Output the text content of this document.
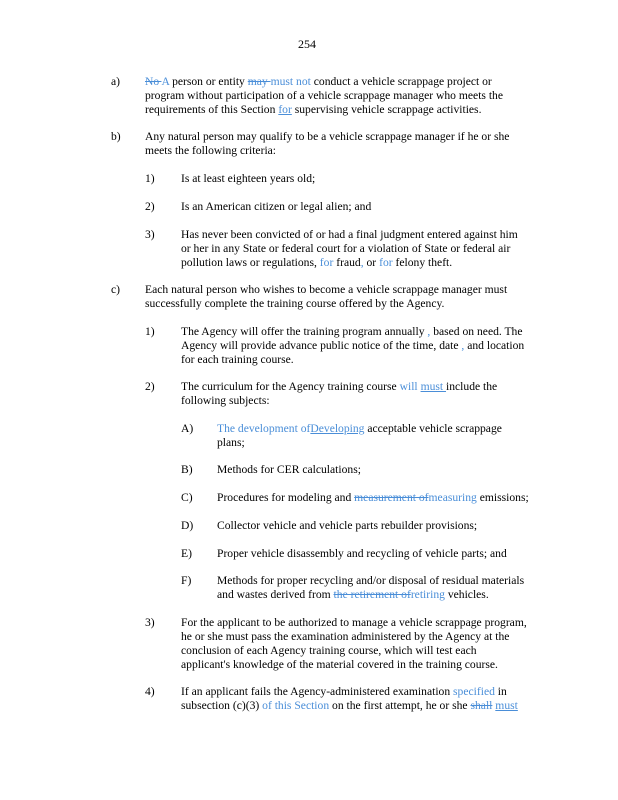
254
a) No A person or entity may must not conduct a vehicle scrappage project or
program without participation of a vehicle scrappage manager who meets the
requirements of this Section for supervising vehicle scrappage activities.
b) Any natural person may qualify to be a vehicle scrappage manager if he or she
meets the following criteria:
1) Is at least eighteen years old;
2) Is an American citizen or legal alien; and
3) Has never been convicted of or had a final judgment entered against him
or her in any State or federal court for a violation of State or federal air
pollution laws or regulations, for fraud, or for felony theft.
c) Each natural person who wishes to become a vehicle scrappage manager must
successfully complete the training course offered by the Agency.
1) The Agency will offer the training program annually , based on need. The
Agency will provide advance public notice of the time, date , and location
for each training course.
2) The curriculum for the Agency training course will must include the
following subjects:
A) The development ofDeveloping acceptable vehicle scrappage
plans;
B) Methods for CER calculations;
C) Procedures for modeling and measurement ofmeasuring emissions;
D) Collector vehicle and vehicle parts rebuilder provisions;
E) Proper vehicle disassembly and recycling of vehicle parts; and
F) Methods for proper recycling and/or disposal of residual materials
and wastes derived from the retirement ofretiring vehicles.
3) For the applicant to be authorized to manage a vehicle scrappage program,
he or she must pass the examination administered by the Agency at the
conclusion of each Agency training course, which will test each
applicant's knowledge of the material covered in the training course.
4) If an applicant fails the Agency-administered examination specified in
subsection (c)(3) of this Section on the first attempt, he or she shall must
